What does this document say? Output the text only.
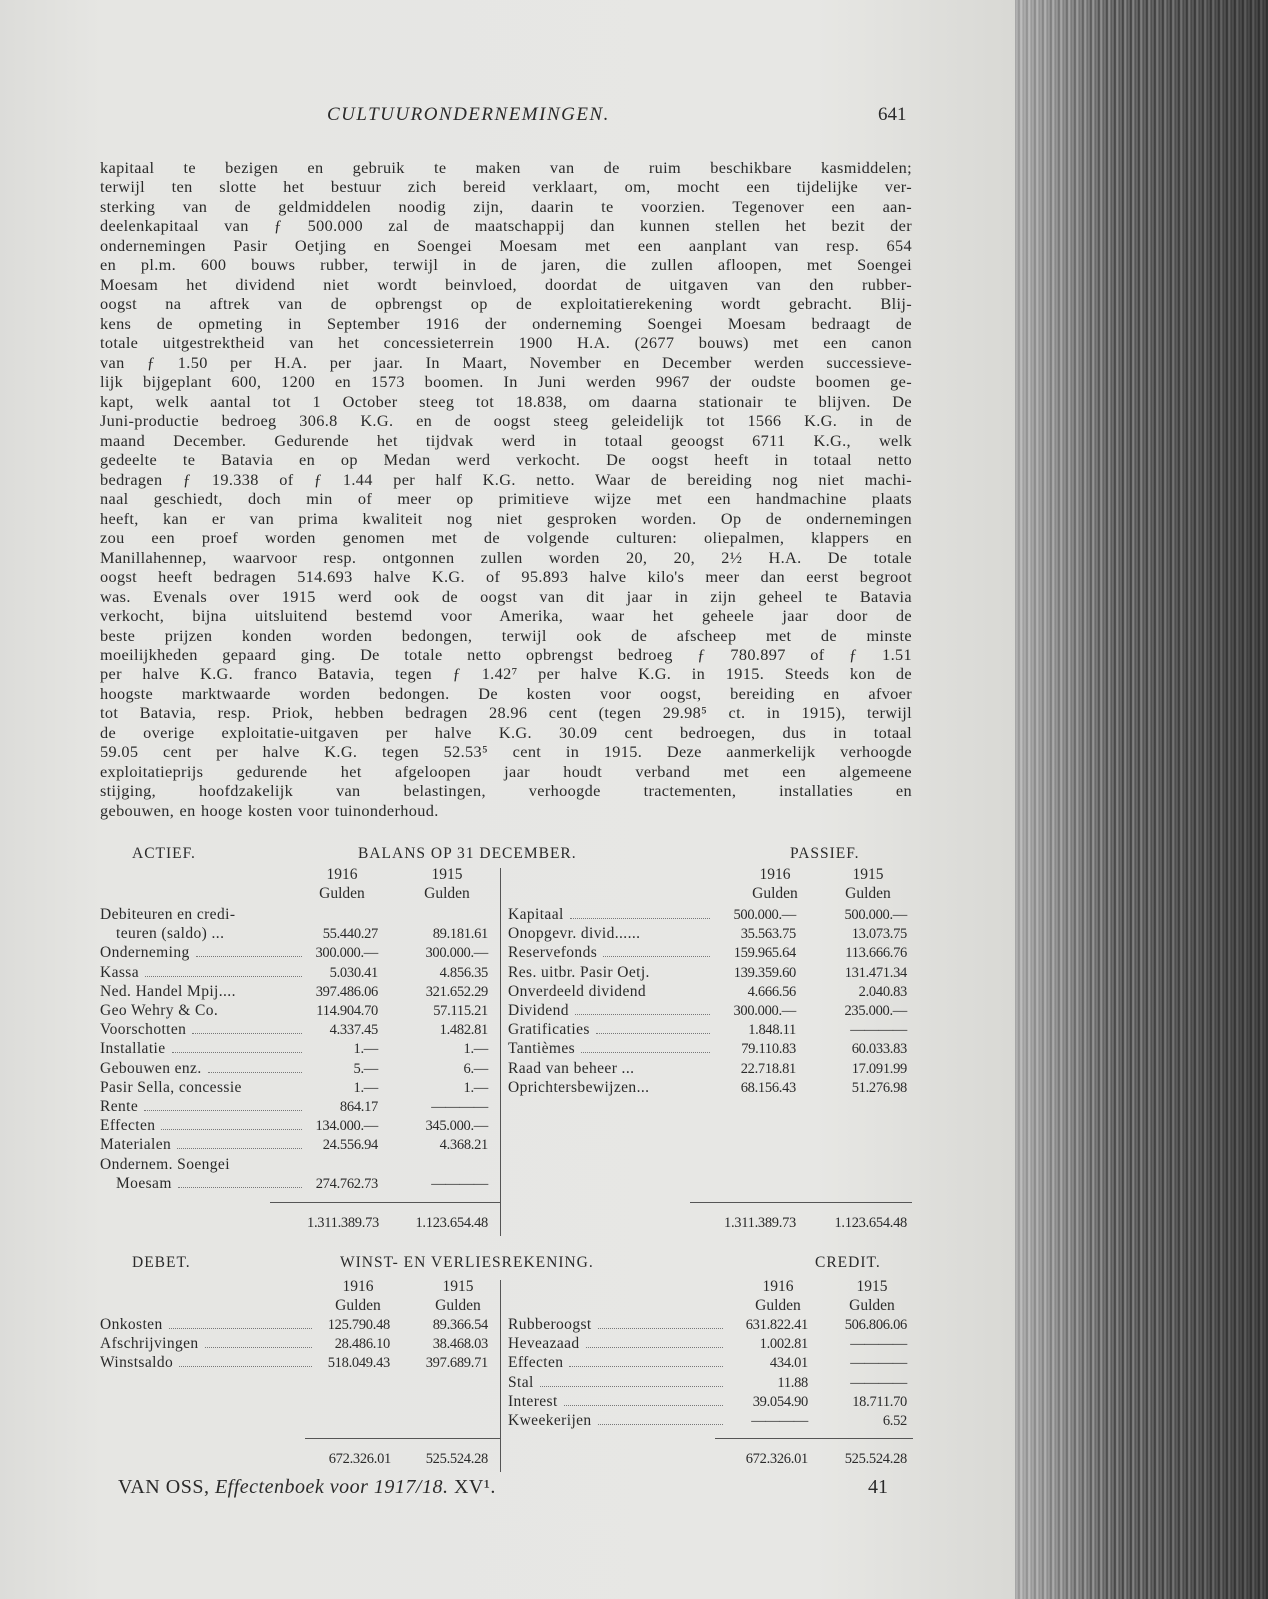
CULTUURONDERNEMINGEN.	641
kapitaal te bezigen en gebruik te maken van de ruim beschikbare kasmiddelen;
terwijl ten slotte het bestuur zich bereid verklaart, om, mocht een tijdelijke ver-
sterking van de geldmiddelen noodig zijn, daarin te voorzien. Tegenover een aan-
deelenkapitaal van ƒ 500.000 zal de maatschappij dan kunnen stellen het bezit der
ondernemingen Pasir Oetjing en Soengei Moesam met een aanplant van resp. 654
en pl.m. 600 bouws rubber, terwijl in de jaren, die zullen afloopen, met Soengei
Moesam het dividend niet wordt beinvloed, doordat de uitgaven van den rubber-
oogst na aftrek van de opbrengst op de exploitatierekening wordt gebracht. Blij-
kens de opmeting in September 1916 der onderneming Soengei Moesam bedraagt de
totale uitgestrektheid van het concessieterrein 1900 H.A. (2677 bouws) met een canon
van ƒ 1.50 per H.A. per jaar. In Maart, November en December werden successieve-
lijk bijgeplant 600, 1200 en 1573 boomen. In Juni werden 9967 der oudste boomen ge-
kapt, welk aantal tot 1 October steeg tot 18.838, om daarna stationair te blijven. De
Juni-productie bedroeg 306.8 K.G. en de oogst steeg geleidelijk tot 1566 K.G. in de
maand December. Gedurende het tijdvak werd in totaal geoogst 6711 K.G., welk
gedeelte te Batavia en op Medan werd verkocht. De oogst heeft in totaal netto
bedragen ƒ 19.338 of ƒ 1.44 per half K.G. netto. Waar de bereiding nog niet machi-
naal geschiedt, doch min of meer op primitieve wijze met een handmachine plaats
heeft, kan er van prima kwaliteit nog niet gesproken worden. Op de ondernemingen
zou een proef worden genomen met de volgende culturen: oliepalmen, klappers en
Manillahennep, waarvoor resp. ontgonnen zullen worden 20, 20, 2½ H.A. De totale
oogst heeft bedragen 514.693 halve K.G. of 95.893 halve kilo's meer dan eerst begroot
was. Evenals over 1915 werd ook de oogst van dit jaar in zijn geheel te Batavia
verkocht, bijna uitsluitend bestemd voor Amerika, waar het geheele jaar door de
beste prijzen konden worden bedongen, terwijl ook de afscheep met de minste
moeilijkheden gepaard ging. De totale netto opbrengst bedroeg ƒ 780.897 of ƒ 1.51
per halve K.G. franco Batavia, tegen ƒ 1.42⁷ per halve K.G. in 1915. Steeds kon de
hoogste marktwaarde worden bedongen. De kosten voor oogst, bereiding en afvoer
tot Batavia, resp. Priok, hebben bedragen 28.96 cent (tegen 29.98⁵ ct. in 1915), terwijl
de overige exploitatie-uitgaven per halve K.G. 30.09 cent bedroegen, dus in totaal
59.05 cent per halve K.G. tegen 52.53⁵ cent in 1915. Deze aanmerkelijk verhoogde
exploitatieprijs gedurende het afgeloopen jaar houdt verband met een algemeene
stijging, hoofdzakelijk van belastingen, verhoogde tractementen, installaties en
gebouwen, en hooge kosten voor tuinonderhoud.
ACTIEF.	BALANS OP 31 DECEMBER.	PASSIEF.
1916
Gulden
1915
Gulden
1916
Gulden
1915
Gulden
Debiteuren en credi-
teuren (saldo) ...	55.440.27	89.181.61
Onderneming	300.000.—	300.000.—
Kassa	5.030.41	4.856.35
Ned. Handel Mpij....	397.486.06	321.652.29
Geo Wehry & Co.	114.904.70	57.115.21
Voorschotten	4.337.45	1.482.81
Installatie	1.—	1.—
Gebouwen enz.	5.—	6.—
Pasir Sella, concessie	1.—	1.—
Rente	864.17	————
Effecten	134.000.—	345.000.—
Materialen	24.556.94	4.368.21
Ondernem. Soengei
Moesam	274.762.73	————
Kapitaal	500.000.—	500.000.—
Onopgevr. divid......	35.563.75	13.073.75
Reservefonds	159.965.64	113.666.76
Res. uitbr. Pasir Oetj.	139.359.60	131.471.34
Onverdeeld dividend	4.666.56	2.040.83
Dividend	300.000.—	235.000.—
Gratificaties	1.848.11	————
Tantièmes	79.110.83	60.033.83
Raad van beheer ...	22.718.81	17.091.99
Oprichtersbewijzen...	68.156.43	51.276.98
1.311.389.73	1.123.654.48	1.311.389.73	1.123.654.48
DEBET.	WINST- EN VERLIESREKENING.	CREDIT.
1916
Gulden
1915
Gulden
1916
Gulden
1915
Gulden
Onkosten	125.790.48	89.366.54
Afschrijvingen	28.486.10	38.468.03
Winstsaldo	518.049.43 397.689.71
Rubberoogst	631.822.41	506.806.06
Heveazaad	1.002.81	————
Effecten	434.01	————
Stal	11.88	————
Interest	39.054.90	18.711.70
Kweekerijen	————	6.52
672.326.01 525.524.28	672.326.01	525.524.28
VAN OSS, Effectenboek voor 1917/18. XV¹.	41
